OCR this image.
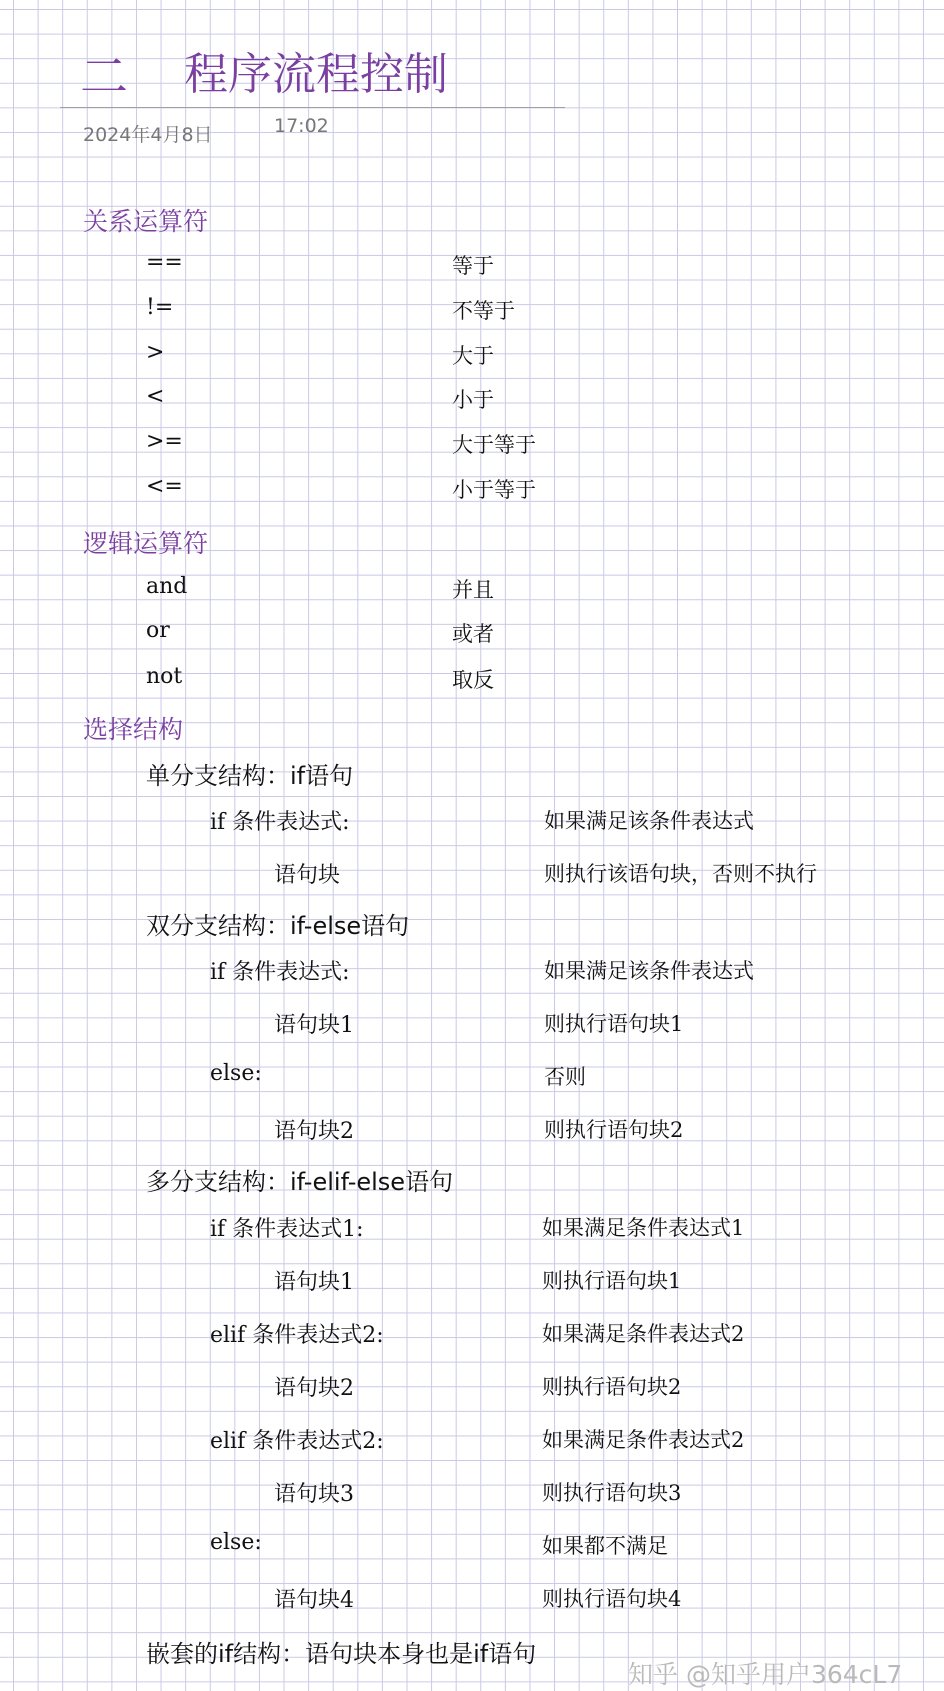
二 程序流程控制
2024年4月8日	17:02
关系运算符
==	等于
!=	不等于
>	大于
<	小于
>=	大于等于
<=	小于等于
逻辑运算符
and	并且
or	或者
not	取反
选择结构
单分支结构：if语句
if 条件表达式:	如果满足该条件表达式
语句块	则执行该语句块，否则不执行
双分支结构：if-else语句
if 条件表达式:	如果满足该条件表达式
语句块1	则执行语句块1
else:	否则
语句块2	则执行语句块2
多分支结构：if-elif-else语句
if 条件表达式1:	如果满足条件表达式1
语句块1	则执行语句块1
elif 条件表达式2:	如果满足条件表达式2
语句块2	则执行语句块2
elif 条件表达式2:	如果满足条件表达式2
语句块3	则执行语句块3
else:	如果都不满足
语句块4	则执行语句块4
嵌套的if结构：语句块本身也是if语句
知乎 @知乎用户364cL7
